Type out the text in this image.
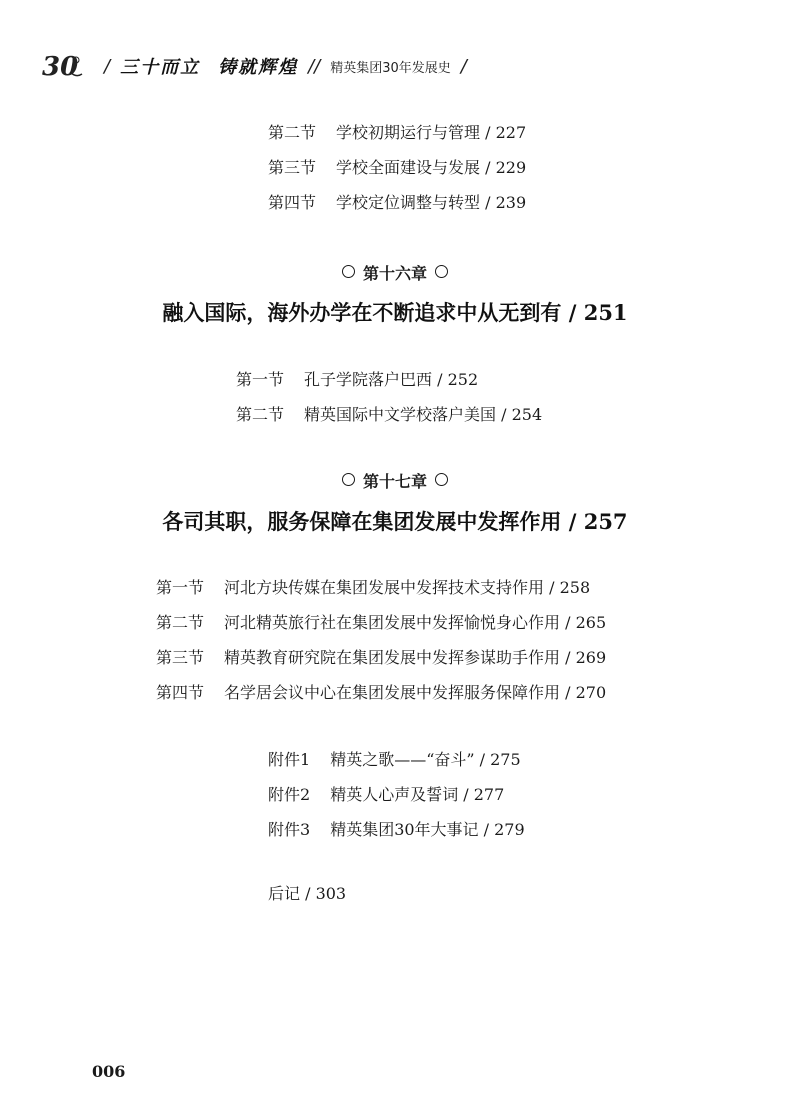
30 / 三十而立 铸就辉煌 // 精英集团30年发展史 /
第二节 学校初期运行与管理 / 227
第三节 学校全面建设与发展 / 229
第四节 学校定位调整与转型 / 239
第十六章
融入国际，海外办学在不断追求中从无到有 / 251
第一节 孔子学院落户巴西 / 252
第二节 精英国际中文学校落户美国 / 254
第十七章
各司其职，服务保障在集团发展中发挥作用 / 257
第一节 河北方块传媒在集团发展中发挥技术支持作用 / 258
第二节 河北精英旅行社在集团发展中发挥愉悦身心作用 / 265
第三节 精英教育研究院在集团发展中发挥参谋助手作用 / 269
第四节 名学居会议中心在集团发展中发挥服务保障作用 / 270
附件1 精英之歌——“奋斗” / 275
附件2 精英人心声及誓词 / 277
附件3 精英集团30年大事记 / 279
后记 / 303
006
